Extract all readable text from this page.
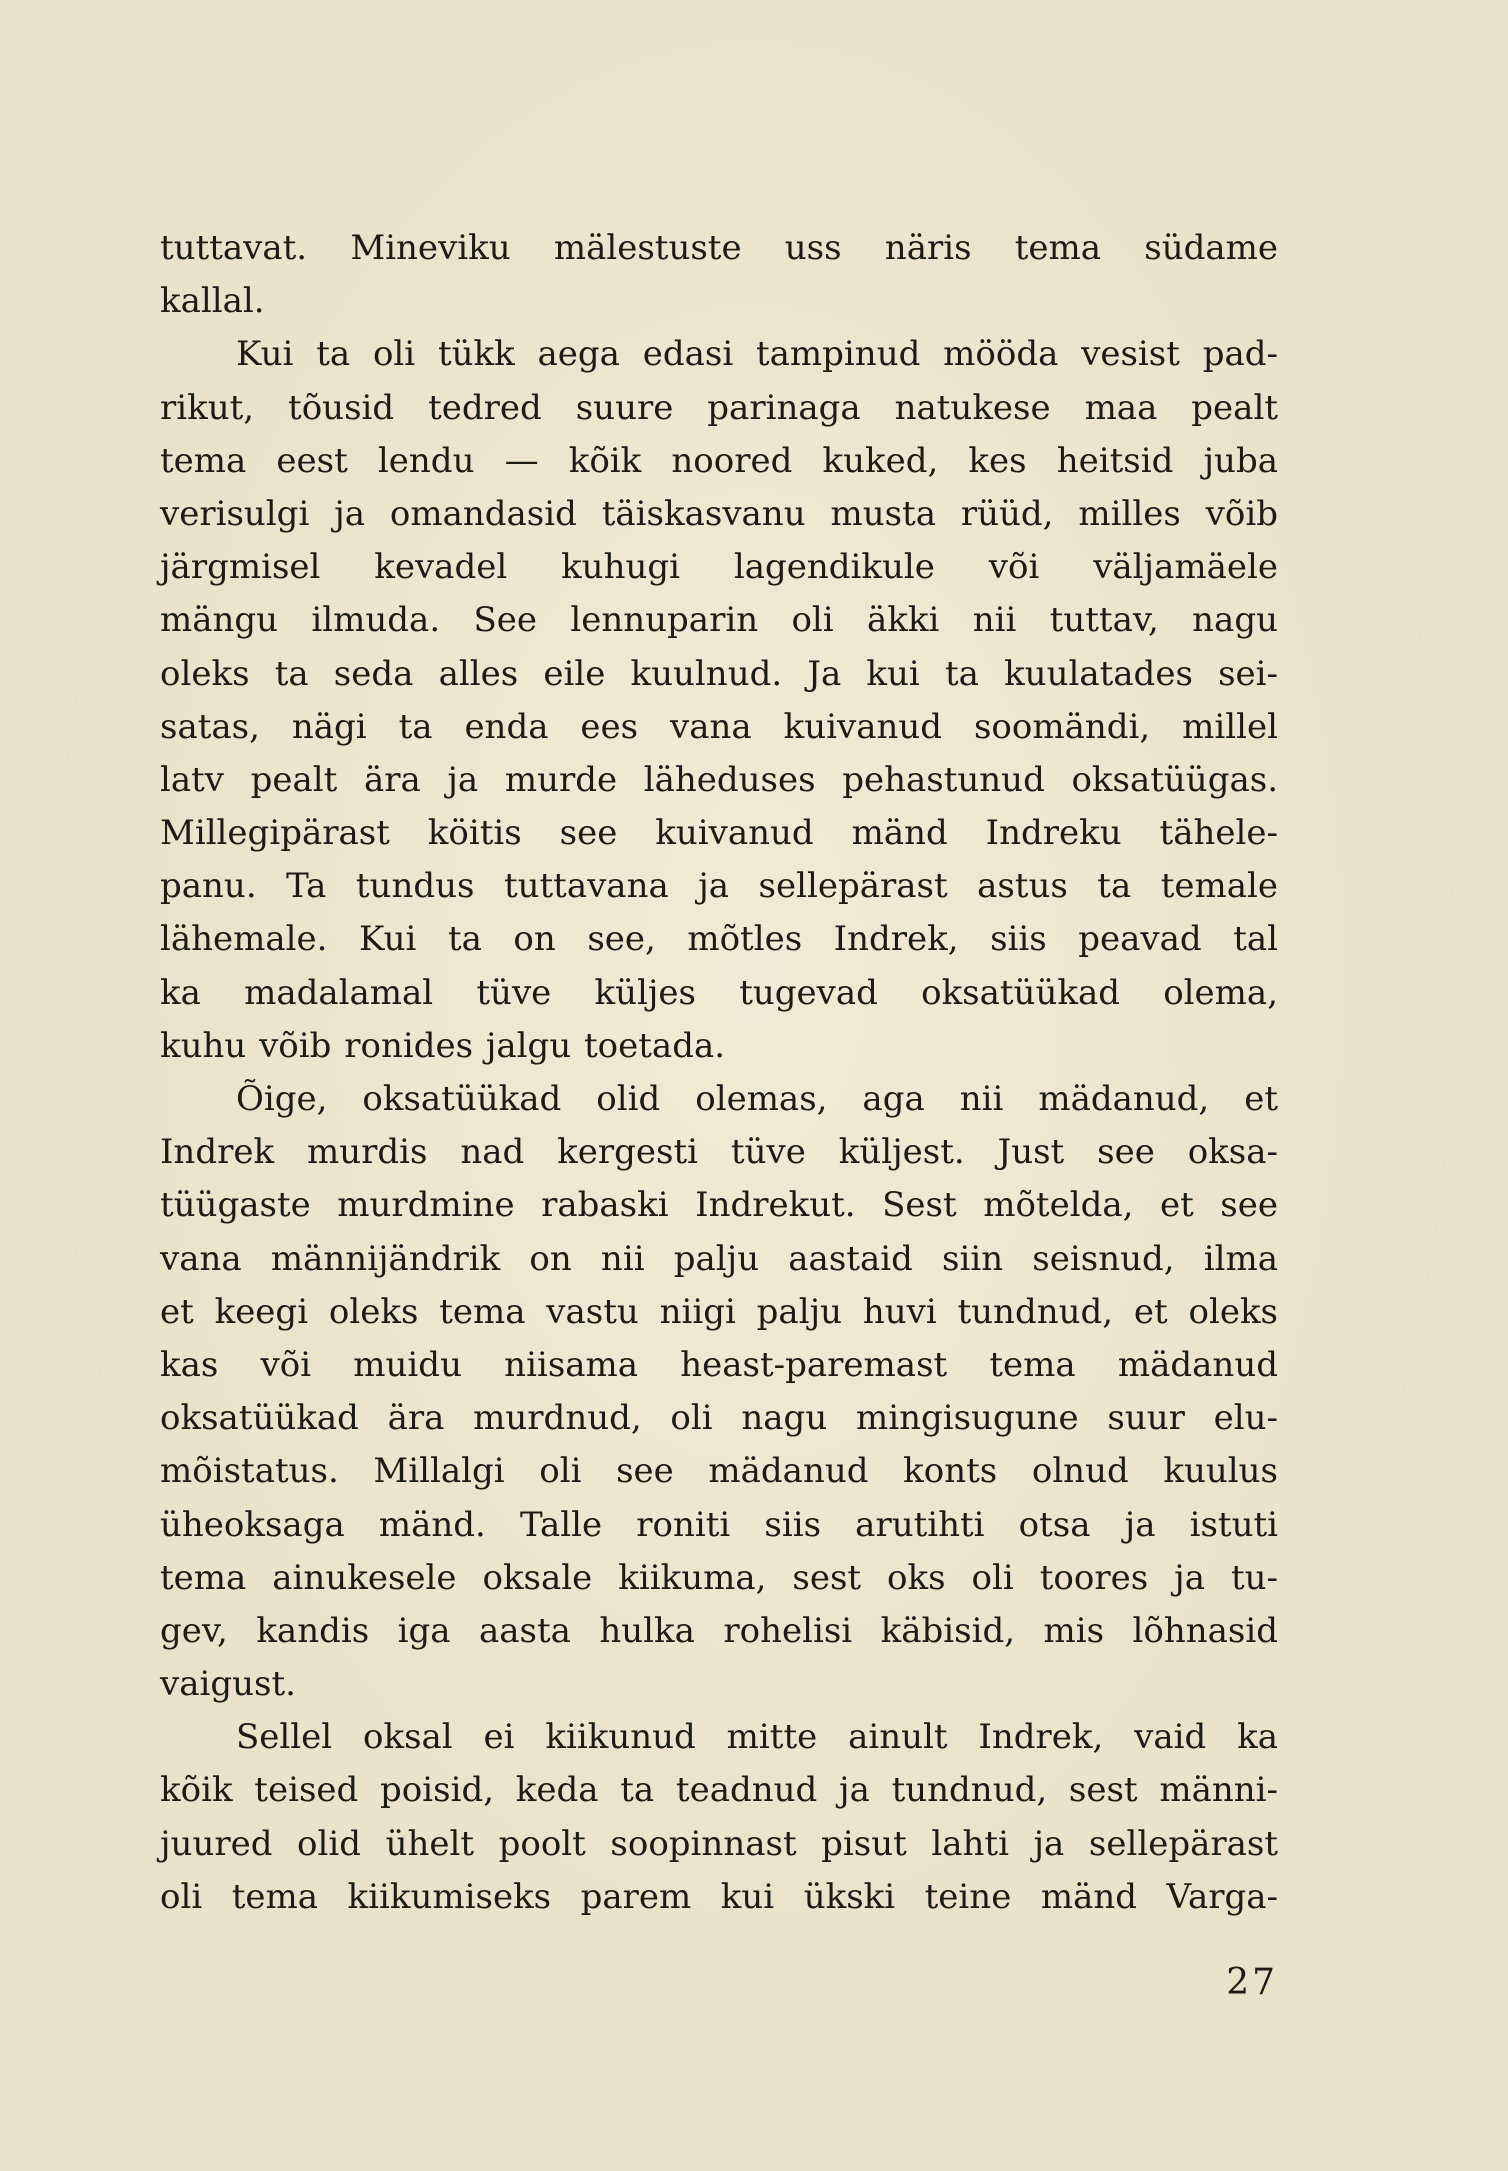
tuttavat. Mineviku mälestuste uss näris tema südame
kallal.
Kui ta oli tükk aega edasi tampinud mööda vesist pad-
rikut, tõusid tedred suure parinaga natukese maa pealt
tema eest lendu — kõik noored kuked, kes heitsid juba
verisulgi ja omandasid täiskasvanu musta rüüd, milles võib
järgmisel kevadel kuhugi lagendikule või väljamäele
mängu ilmuda. See lennuparin oli äkki nii tuttav, nagu
oleks ta seda alles eile kuulnud. Ja kui ta kuulatades sei-
satas, nägi ta enda ees vana kuivanud soomändi, millel
latv pealt ära ja murde läheduses pehastunud oksatüügas.
Millegipärast köitis see kuivanud mänd Indreku tähele-
panu. Ta tundus tuttavana ja sellepärast astus ta temale
lähemale. Kui ta on see, mõtles Indrek, siis peavad tal
ka madalamal tüve küljes tugevad oksatüükad olema,
kuhu võib ronides jalgu toetada.
Õige, oksatüükad olid olemas, aga nii mädanud, et
Indrek murdis nad kergesti tüve küljest. Just see oksa-
tüügaste murdmine rabaski Indrekut. Sest mõtelda, et see
vana männijändrik on nii palju aastaid siin seisnud, ilma
et keegi oleks tema vastu niigi palju huvi tundnud, et oleks
kas või muidu niisama heast-paremast tema mädanud
oksatüükad ära murdnud, oli nagu mingisugune suur elu-
mõistatus. Millalgi oli see mädanud konts olnud kuulus
üheoksaga mänd. Talle roniti siis arutihti otsa ja istuti
tema ainukesele oksale kiikuma, sest oks oli toores ja tu-
gev, kandis iga aasta hulka rohelisi käbisid, mis lõhnasid
vaigust.
Sellel oksal ei kiikunud mitte ainult Indrek, vaid ka
kõik teised poisid, keda ta teadnud ja tundnud, sest männi-
juured olid ühelt poolt soopinnast pisut lahti ja sellepärast
oli tema kiikumiseks parem kui ükski teine mänd Varga-
27
